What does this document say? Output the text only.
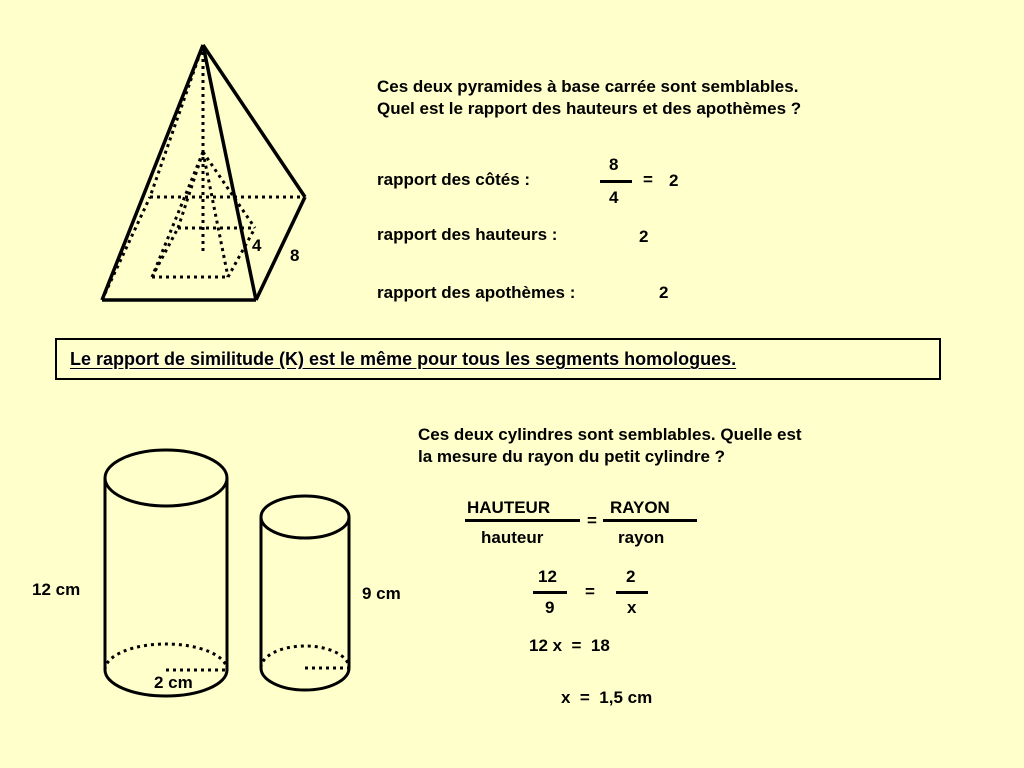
4
8
Ces deux pyramides à base carrée sont semblables.
Quel est le rapport des hauteurs et des apothèmes ?
rapport des côtés :
8
4
= 2
rapport des hauteurs :	2
rapport des apothèmes :	2
Le rapport de similitude (K) est le même pour tous les segments homologues.
Ces deux cylindres sont semblables. Quelle est
la mesure du rayon du petit cylindre ?
12 cm	9 cm
2 cm
HAUTEUR
hauteur
=
RAYON
rayon
12
9
=
2
x
12 x  =  18
x  =  1,5 cm
